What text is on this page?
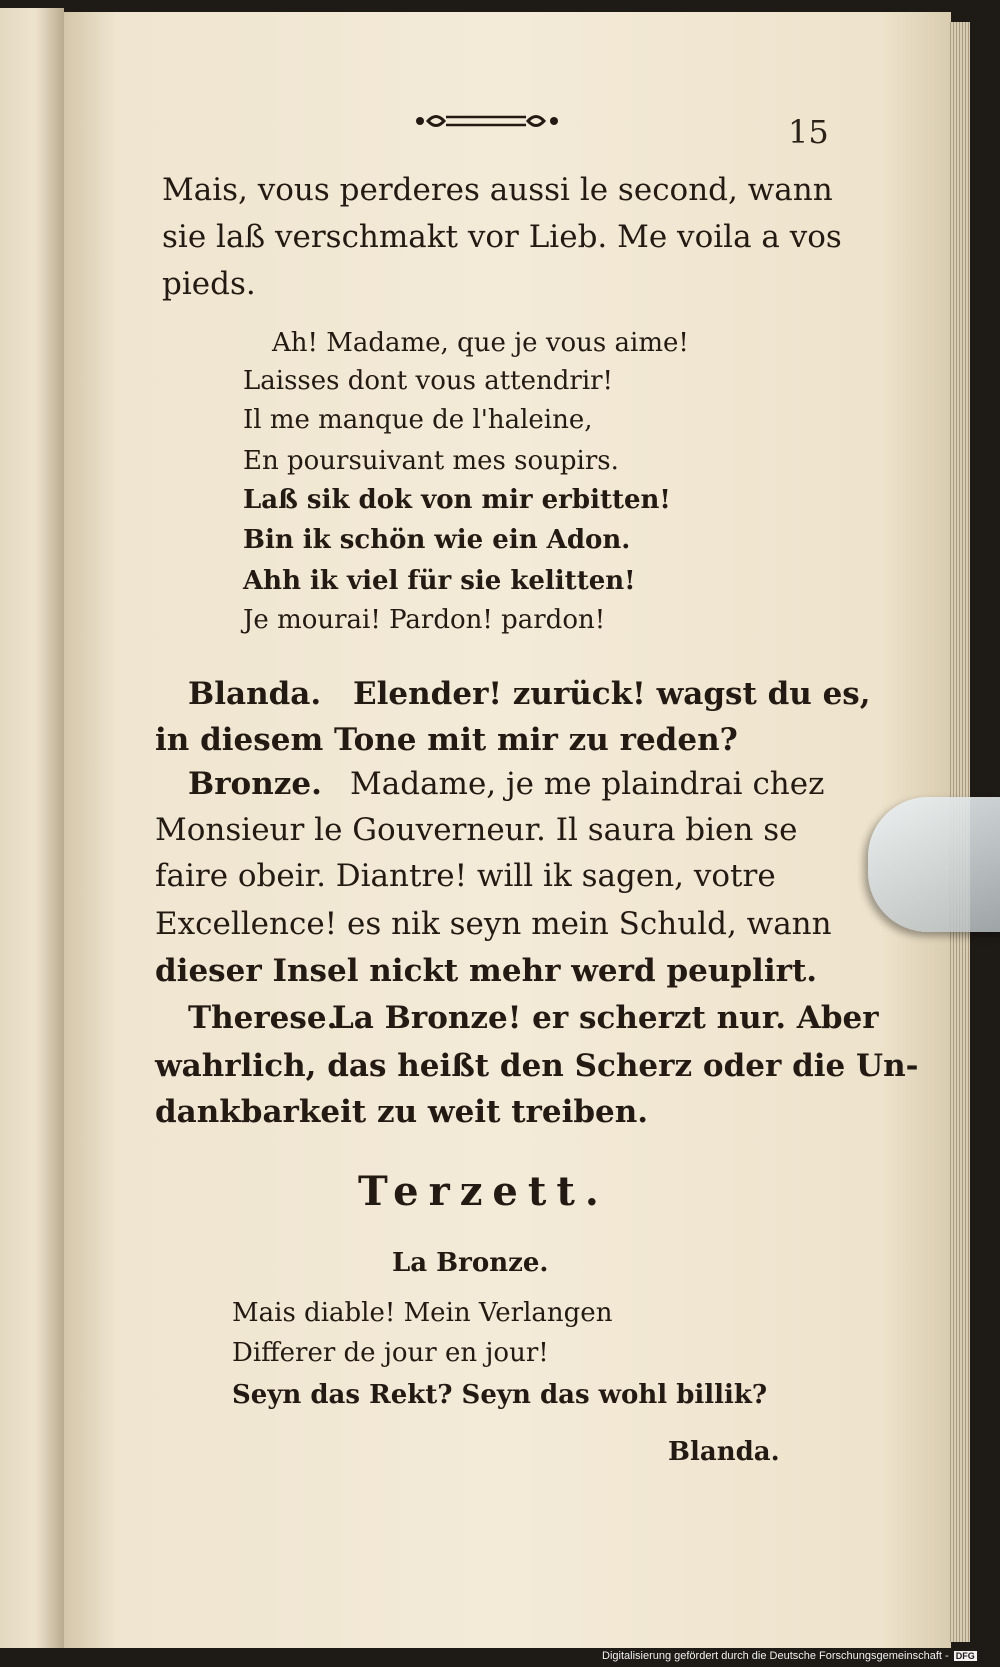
15
Mais, vous perderes aussi le second, wann
sie laß verschmakt vor Lieb. Me voila a vos
pieds.
Ah! Madame, que je vous aime!
Laisses dont vous attendrir!
Il me manque de l'haleine,
En poursuivant mes soupirs.
Laß sik dok von mir erbitten!
Bin ik schön wie ein Adon.
Ahh ik viel für sie kelitten!
Je mourai! Pardon! pardon!
Blanda. Elender! zurück! wagst du es,
in diesem Tone mit mir zu reden?
Bronze. Madame, je me plaindrai chez
Monsieur le Gouverneur. Il saura bien se
faire obeir. Diantre! will ik sagen, votre
Excellence! es nik seyn mein Schuld, wann
dieser Insel nickt mehr werd peuplirt.
Therese.
La Bronze! er scherzt nur. Aber
wahrlich, das heißt den Scherz oder die Un-
dankbarkeit zu weit treiben.
Terzett.
La Bronze.
Mais diable! Mein Verlangen
Differer de jour en jour!
Seyn das Rekt? Seyn das wohl billik?
Blanda.
Digitalisierung gefördert durch die Deutsche Forschungsgemeinschaft - DFG
